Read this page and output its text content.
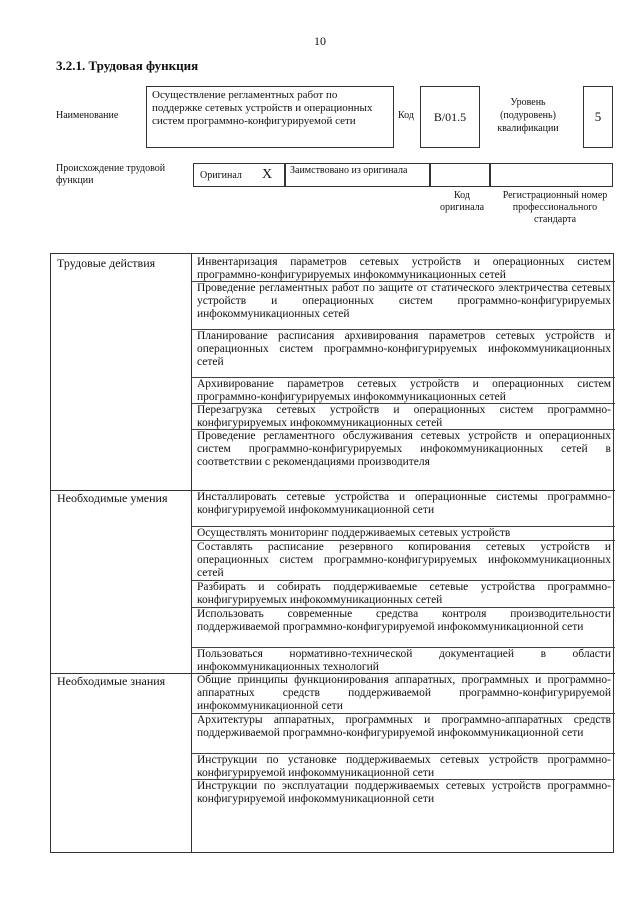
10
3.2.1. Трудовая функция
Наименование
Осуществление регламентных работ по поддержке сетевых устройств и операционных систем программно-конфигурируемой сети	Код	B/01.5
Уровень (подуровень) квалификации
5
Происхождение трудовой функции	Оригинал X	Заимствовано из оригинала
Код оригинала
Регистрационный номер профессионального стандарта
Трудовые действия	Инвентаризация параметров сетевых устройств и операционных систем программно-конфигурируемых инфокоммуникационных сетей
Проведение регламентных работ по защите от статического электричества сетевых устройств и операционных систем программно-конфигурируемых инфокоммуникационных сетей
Планирование расписания архивирования параметров сетевых устройств и операционных систем программно-конфигурируемых инфокоммуникационных сетей
Архивирование параметров сетевых устройств и операционных систем программно-конфигурируемых инфокоммуникационных сетей
Перезагрузка сетевых устройств и операционных систем программно-конфигурируемых инфокоммуникационных сетей
Проведение регламентного обслуживания сетевых устройств и операционных систем программно-конфигурируемых инфокоммуникационных сетей в соответствии с рекомендациями производителя
Необходимые умения	Инсталлировать сетевые устройства и операционные системы программно-конфигурируемой инфокоммуникационной сети
Осуществлять мониторинг поддерживаемых сетевых устройств
Составлять расписание резервного копирования сетевых устройств и операционных систем программно-конфигурируемых инфокоммуникационных сетей
Разбирать и собирать поддерживаемые сетевые устройства программно-конфигурируемых инфокоммуникационных сетей
Использовать современные средства контроля производительности поддерживаемой программно-конфигурируемой инфокоммуникационной сети
Пользоваться нормативно-технической документацией в области инфокоммуникационных технологий
Необходимые знания	Общие принципы функционирования аппаратных, программных и программно-аппаратных средств поддерживаемой программно-конфигурируемой инфокоммуникационной сети
Архитектуры аппаратных, программных и программно-аппаратных средств поддерживаемой программно-конфигурируемой инфокоммуникационной сети
Инструкции по установке поддерживаемых сетевых устройств программно-конфигурируемой инфокоммуникационной сети
Инструкции по эксплуатации поддерживаемых сетевых устройств программно-конфигурируемой инфокоммуникационной сети
